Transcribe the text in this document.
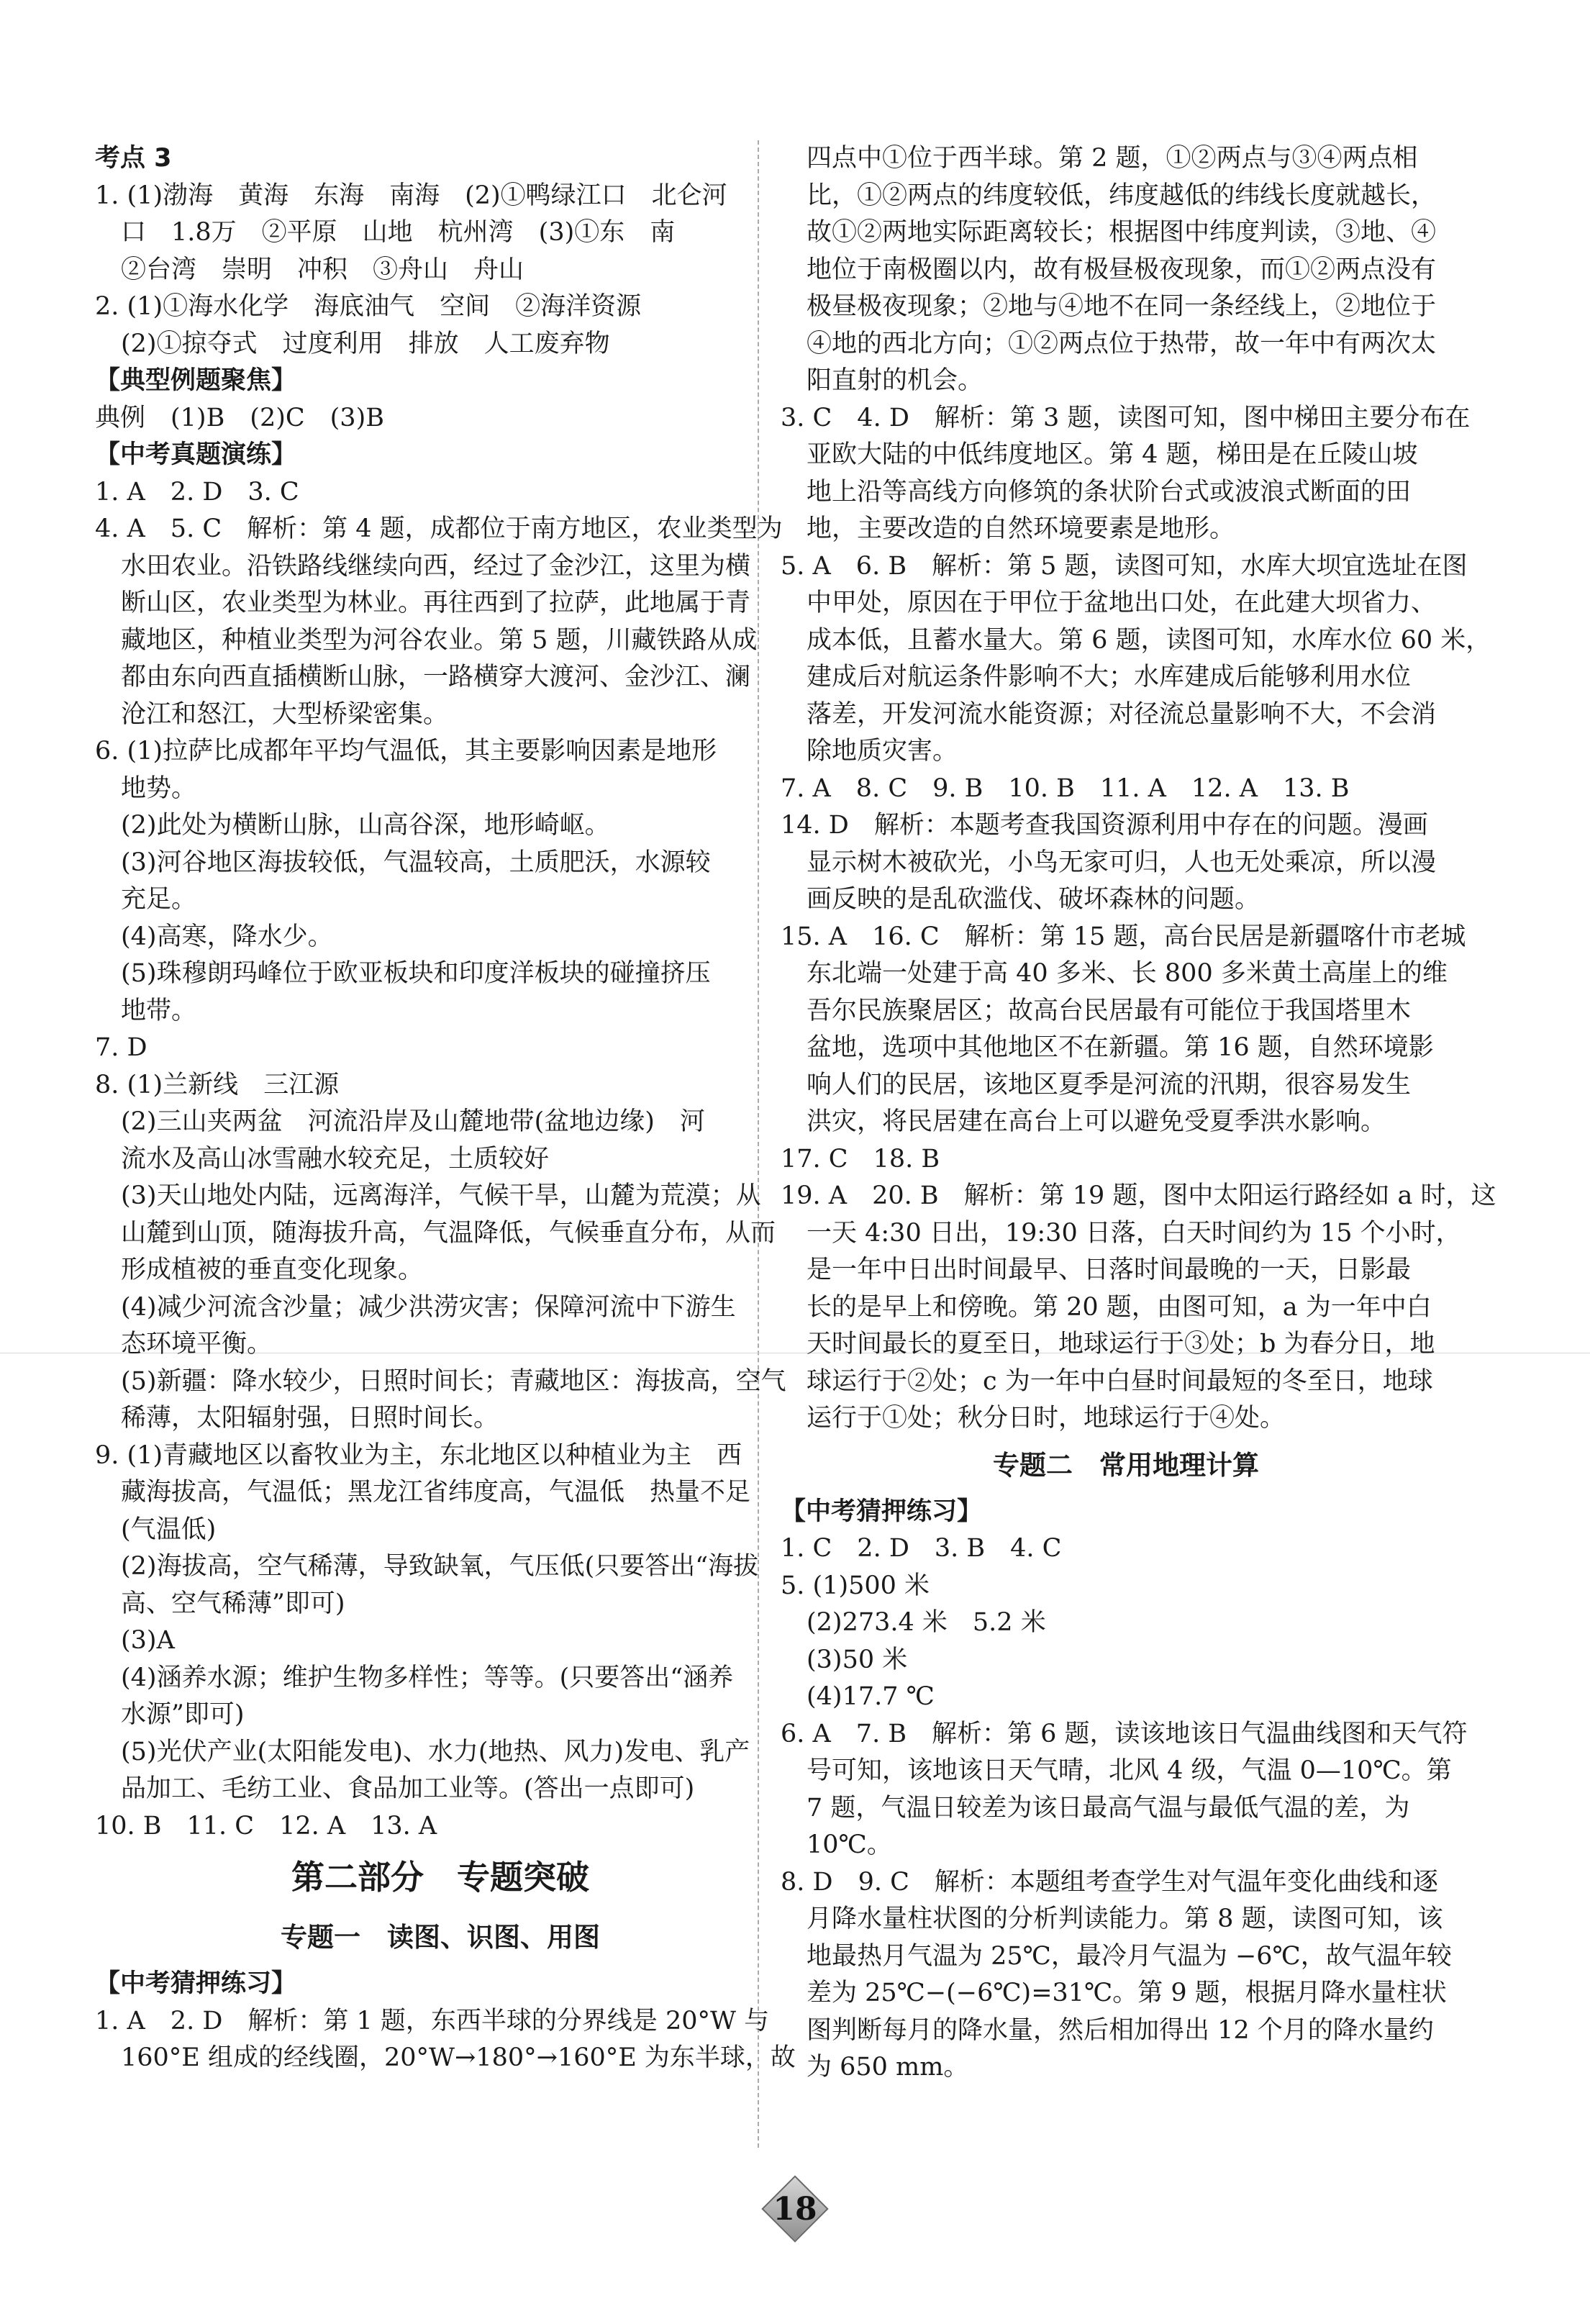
考点 3
1. (1)渤海　黄海　东海　南海　(2)①鸭绿江口　北仑河
口　1.8万　②平原　山地　杭州湾　(3)①东　南
②台湾　崇明　冲积　③舟山　舟山
2. (1)①海水化学　海底油气　空间　②海洋资源
(2)①掠夺式　过度利用　排放　人工废弃物
【典型例题聚焦】
典例　(1)B　(2)C　(3)B
【中考真题演练】
1. A　2. D　3. C
4. A　5. C　解析：第 4 题，成都位于南方地区，农业类型为
水田农业。沿铁路线继续向西，经过了金沙江，这里为横
断山区，农业类型为林业。再往西到了拉萨，此地属于青
藏地区，种植业类型为河谷农业。第 5 题，川藏铁路从成
都由东向西直插横断山脉，一路横穿大渡河、金沙江、澜
沧江和怒江，大型桥梁密集。
6. (1)拉萨比成都年平均气温低，其主要影响因素是地形
地势。
(2)此处为横断山脉，山高谷深，地形崎岖。
(3)河谷地区海拔较低，气温较高，土质肥沃，水源较
充足。
(4)高寒，降水少。
(5)珠穆朗玛峰位于欧亚板块和印度洋板块的碰撞挤压
地带。
7. D
8. (1)兰新线　三江源
(2)三山夹两盆　河流沿岸及山麓地带(盆地边缘)　河
流水及高山冰雪融水较充足，土质较好
(3)天山地处内陆，远离海洋，气候干旱，山麓为荒漠；从
山麓到山顶，随海拔升高，气温降低，气候垂直分布，从而
形成植被的垂直变化现象。
(4)减少河流含沙量；减少洪涝灾害；保障河流中下游生
态环境平衡。
(5)新疆：降水较少，日照时间长；青藏地区：海拔高，空气
稀薄，太阳辐射强，日照时间长。
9. (1)青藏地区以畜牧业为主，东北地区以种植业为主　西
藏海拔高，气温低；黑龙江省纬度高，气温低　热量不足
(气温低)
(2)海拔高，空气稀薄，导致缺氧，气压低(只要答出“海拔
高、空气稀薄”即可)
(3)A
(4)涵养水源；维护生物多样性；等等。(只要答出“涵养
水源”即可)
(5)光伏产业(太阳能发电)、水力(地热、风力)发电、乳产
品加工、毛纺工业、食品加工业等。(答出一点即可)
10. B　11. C　12. A　13. A
第二部分　专题突破
专题一　读图、识图、用图
【中考猜押练习】
1. A　2. D　解析：第 1 题，东西半球的分界线是 20°W 与
160°E 组成的经线圈，20°W→180°→160°E 为东半球，故
四点中①位于西半球。第 2 题，①②两点与③④两点相
比，①②两点的纬度较低，纬度越低的纬线长度就越长，
故①②两地实际距离较长；根据图中纬度判读，③地、④
地位于南极圈以内，故有极昼极夜现象，而①②两点没有
极昼极夜现象；②地与④地不在同一条经线上，②地位于
④地的西北方向；①②两点位于热带，故一年中有两次太
阳直射的机会。
3. C　4. D　解析：第 3 题，读图可知，图中梯田主要分布在
亚欧大陆的中低纬度地区。第 4 题，梯田是在丘陵山坡
地上沿等高线方向修筑的条状阶台式或波浪式断面的田
地，主要改造的自然环境要素是地形。
5. A　6. B　解析：第 5 题，读图可知，水库大坝宜选址在图
中甲处，原因在于甲位于盆地出口处，在此建大坝省力、
成本低，且蓄水量大。第 6 题，读图可知，水库水位 60 米，
建成后对航运条件影响不大；水库建成后能够利用水位
落差，开发河流水能资源；对径流总量影响不大，不会消
除地质灾害。
7. A　8. C　9. B　10. B　11. A　12. A　13. B
14. D　解析：本题考查我国资源利用中存在的问题。漫画
显示树木被砍光，小鸟无家可归，人也无处乘凉，所以漫
画反映的是乱砍滥伐、破坏森林的问题。
15. A　16. C　解析：第 15 题，高台民居是新疆喀什市老城
东北端一处建于高 40 多米、长 800 多米黄土高崖上的维
吾尔民族聚居区；故高台民居最有可能位于我国塔里木
盆地，选项中其他地区不在新疆。第 16 题，自然环境影
响人们的民居，该地区夏季是河流的汛期，很容易发生
洪灾，将民居建在高台上可以避免受夏季洪水影响。
17. C　18. B
19. A　20. B　解析：第 19 题，图中太阳运行路经如 a 时，这
一天 4:30 日出，19:30 日落，白天时间约为 15 个小时，
是一年中日出时间最早、日落时间最晚的一天，日影最
长的是早上和傍晚。第 20 题，由图可知，a 为一年中白
天时间最长的夏至日，地球运行于③处；b 为春分日，地
球运行于②处；c 为一年中白昼时间最短的冬至日，地球
运行于①处；秋分日时，地球运行于④处。
专题二　常用地理计算
【中考猜押练习】
1. C　2. D　3. B　4. C
5. (1)500 米
(2)273.4 米　5.2 米
(3)50 米
(4)17.7 ℃
6. A　7. B　解析：第 6 题，读该地该日气温曲线图和天气符
号可知，该地该日天气晴，北风 4 级，气温 0—10℃。第
7 题，气温日较差为该日最高气温与最低气温的差，为
10℃。
8. D　9. C　解析：本题组考查学生对气温年变化曲线和逐
月降水量柱状图的分析判读能力。第 8 题，读图可知，该
地最热月气温为 25℃，最冷月气温为 −6℃，故气温年较
差为 25℃−(−6℃)=31℃。第 9 题，根据月降水量柱状
图判断每月的降水量，然后相加得出 12 个月的降水量约
为 650 mm。
18
